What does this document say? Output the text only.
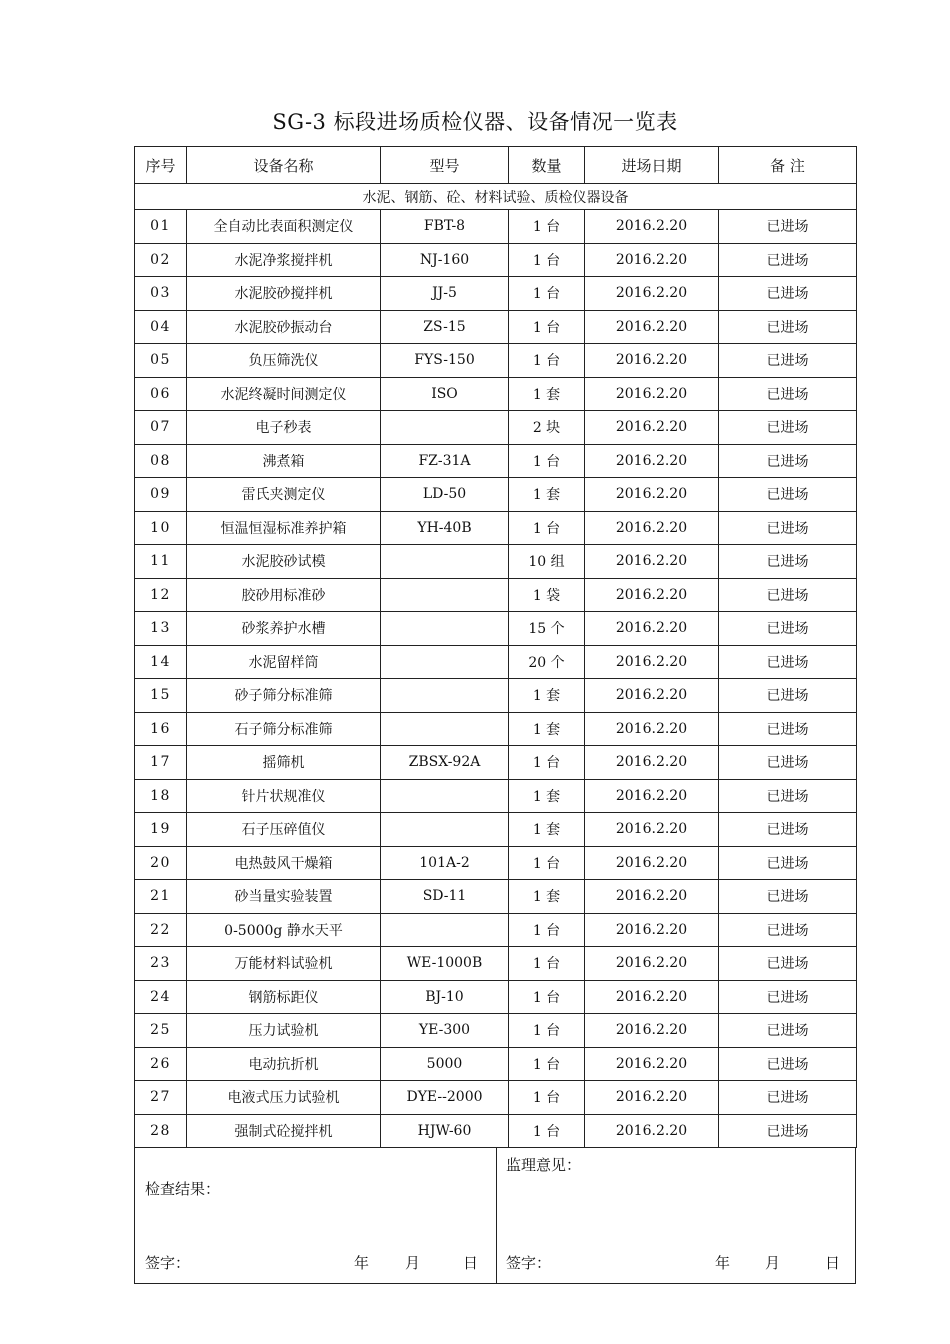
SG-3 标段进场质检仪器、设备情况一览表
序号	设备名称	型号	数量	进场日期	备 注
水泥、钢筋、砼、材料试验、质检仪器设备					
01	全自动比表面积测定仪	FBT-8	1 台	2016.2.20	已进场
02	水泥净浆搅拌机	NJ-160	1 台	2016.2.20	已进场
03	水泥胶砂搅拌机	JJ-5	1 台	2016.2.20	已进场
04	水泥胶砂振动台	ZS-15	1 台	2016.2.20	已进场
05	负压筛洗仪	FYS-150	1 台	2016.2.20	已进场
06	水泥终凝时间测定仪	ISO	1 套	2016.2.20	已进场
07	电子秒表		2 块	2016.2.20	已进场
08	沸煮箱	FZ-31A	1 台	2016.2.20	已进场
09	雷氏夹测定仪	LD-50	1 套	2016.2.20	已进场
10	恒温恒湿标准养护箱	YH-40B	1 台	2016.2.20	已进场
11	水泥胶砂试模		10 组	2016.2.20	已进场
12	胶砂用标准砂		1 袋	2016.2.20	已进场
13	砂浆养护水槽		15 个	2016.2.20	已进场
14	水泥留样筒		20 个	2016.2.20	已进场
15	砂子筛分标准筛		1 套	2016.2.20	已进场
16	石子筛分标准筛		1 套	2016.2.20	已进场
17	摇筛机	ZBSX-92A	1 台	2016.2.20	已进场
18	针片状规准仪		1 套	2016.2.20	已进场
19	石子压碎值仪		1 套	2016.2.20	已进场
20	电热鼓风干燥箱	101A-2	1 台	2016.2.20	已进场
21	砂当量实验装置	SD-11	1 套	2016.2.20	已进场
22	0-5000g 静水天平		1 台	2016.2.20	已进场
23	万能材料试验机	WE-1000B	1 台	2016.2.20	已进场
24	钢筋标距仪	BJ-10	1 台	2016.2.20	已进场
25	压力试验机	YE-300	1 台	2016.2.20	已进场
26	电动抗折机	5000	1 台	2016.2.20	已进场
27	电液式压力试验机	DYE--2000	1 台	2016.2.20	已进场
28	强制式砼搅拌机	HJW-60	1 台	2016.2.20	已进场
检查结果：
签字：	年 月	日
监理意见：
签字：	年 月	日
